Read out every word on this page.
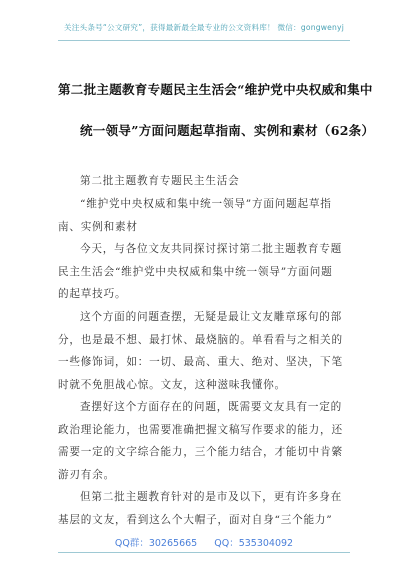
关注头条号“公文研究”，获得最新最全最专业的公文资料库！ 微信：gongwenyj
第二批主题教育专题民主生活会“维护党中央权威和集中
统一领导”方面问题起草指南、实例和素材（62条）
第二批主题教育专题民主生活会
“维护党中央权威和集中统一领导”方面问题起草指
南、实例和素材
今天，与各位文友共同探讨探讨第二批主题教育专题
民主生活会“维护党中央权威和集中统一领导”方面问题
的起草技巧。
这个方面的问题查摆，无疑是最让文友雕章琢句的部
分，也是最不想、最打怵、最烧脑的。单看看与之相关的
一些修饰词，如：一切、最高、重大、绝对、坚决，下笔
时就不免胆战心惊。文友，这种滋味我懂你。
查摆好这个方面存在的问题，既需要文友具有一定的
政治理论能力，也需要准确把握文稿写作要求的能力，还
需要一定的文字综合能力，三个能力结合，才能切中肯綮
游刃有余。
但第二批主题教育针对的是市及以下，更有许多身在
基层的文友，看到这么个大帽子，面对自身“三个能力”
QQ群：30265665 QQ：535304092
